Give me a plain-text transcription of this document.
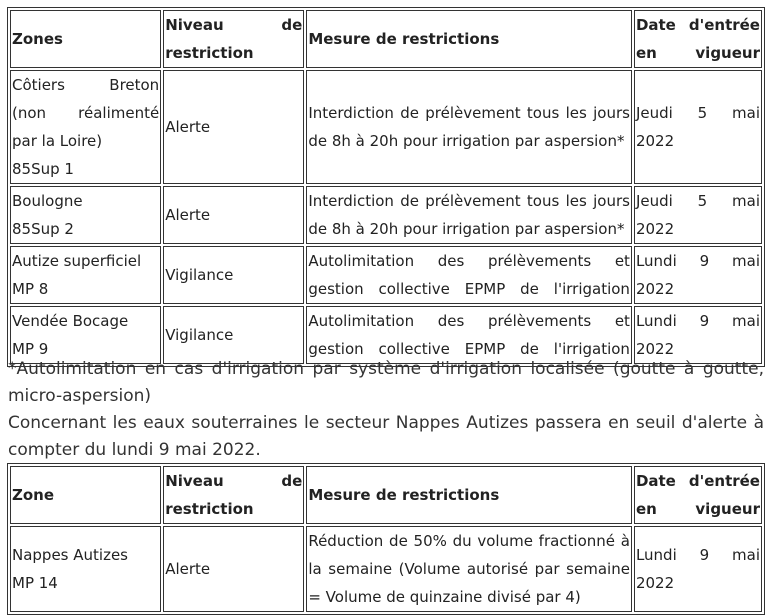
Zones	Niveau de restriction	Mesure de restrictions	Date d'entrée en vigueur

Côtiers Breton
(non réalimenté
par la Loire)
85Sup 1	Alerte	Interdiction de prélèvement tous les jours de 8h à 20h pour irrigation par aspersion*	Jeudi 5 mai 2022

Boulogne
85Sup 2	Alerte	Interdiction de prélèvement tous les jours de 8h à 20h pour irrigation par aspersion*	Jeudi 5 mai 2022

Autize superficiel
MP 8	Vigilance	Autolimitation des prélèvements et gestion collective EPMP de l'irrigation	Lundi 9 mai 2022

Vendée Bocage
MP 9	Vigilance	Autolimitation des prélèvements et gestion collective EPMP de l'irrigation	Lundi 9 mai 2022
*Autolimitation en cas d'irrigation par système d'irrigation localisée (goutte à goutte, micro-aspersion)
Concernant les eaux souterraines le secteur Nappes Autizes passera en seuil d'alerte à compter du lundi 9 mai 2022.
Zone	Niveau de restriction	Mesure de restrictions	Date d'entrée en vigueur

Nappes Autizes
MP 14	Alerte	Réduction de 50% du volume fractionné à la semaine (Volume autorisé par semaine = Volume de quinzaine divisé par 4)	Lundi 9 mai 2022
